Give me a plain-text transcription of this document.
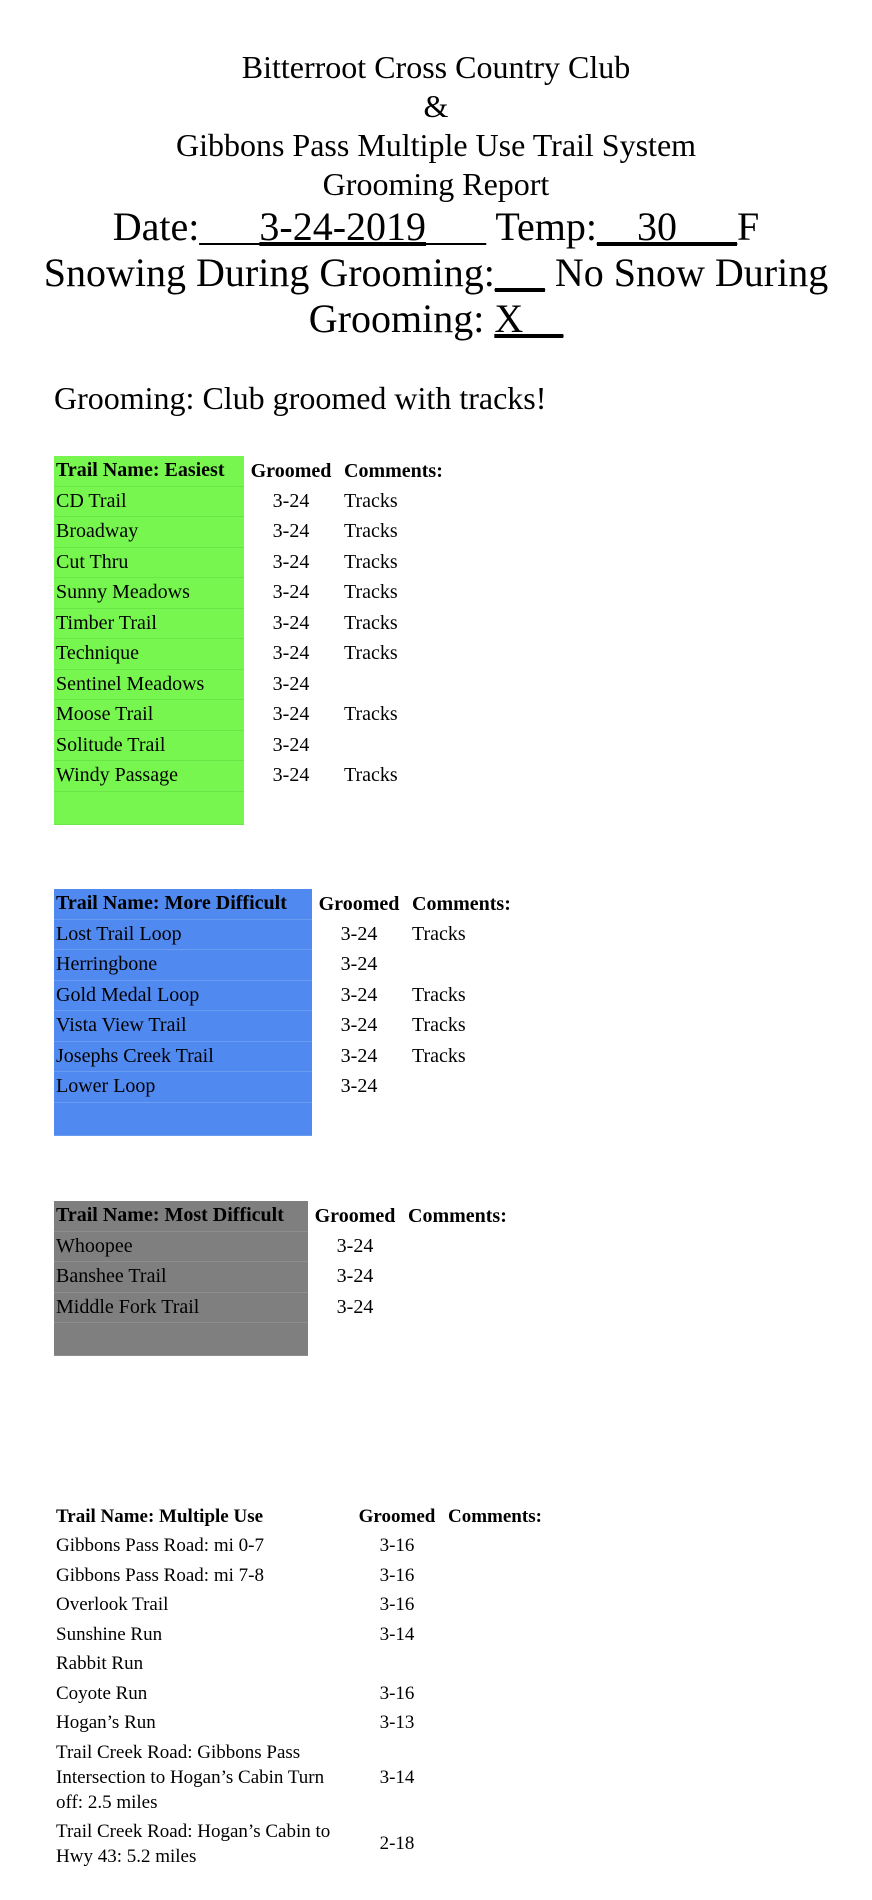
Bitterroot Cross Country Club
&
Gibbons Pass Multiple Use Trail System
Grooming Report
Date:___3-24-2019___ Temp:__30___F
Snowing During Grooming:_ _ No Snow During
Grooming: X__
Grooming: Club groomed with tracks!
Trail Name: Easiest	Groomed	Comments:
CD Trail	3-24	Tracks
Broadway	3-24	Tracks
Cut Thru	3-24	Tracks
Sunny Meadows	3-24	Tracks
Timber Trail	3-24	Tracks
Technique	3-24	Tracks
Sentinel Meadows	3-24	
Moose Trail	3-24	Tracks
Solitude Trail	3-24	
Windy Passage	3-24	Tracks

Trail Name: More Difficult	Groomed	Comments:
Lost Trail Loop	3-24	Tracks
Herringbone	3-24	
Gold Medal Loop	3-24	Tracks
Vista View Trail	3-24	Tracks
Josephs Creek Trail	3-24	Tracks
Lower Loop	3-24	

Trail Name: Most Difficult	Groomed	Comments:
Whoopee	3-24	
Banshee Trail	3-24	
Middle Fork Trail	3-24	

Trail Name: Multiple Use	Groomed	Comments:
Gibbons Pass Road: mi 0-7	3-16	
Gibbons Pass Road: mi 7-8	3-16	
Overlook Trail	3-16	
Sunshine Run	3-14	
Rabbit Run		
Coyote Run	3-16	
Hogan’s Run	3-13	
Trail Creek Road: Gibbons Pass Intersection to Hogan’s Cabin Turn off: 2.5 miles	3-14	
Trail Creek Road: Hogan’s Cabin to Hwy 43: 5.2 miles	2-18	
